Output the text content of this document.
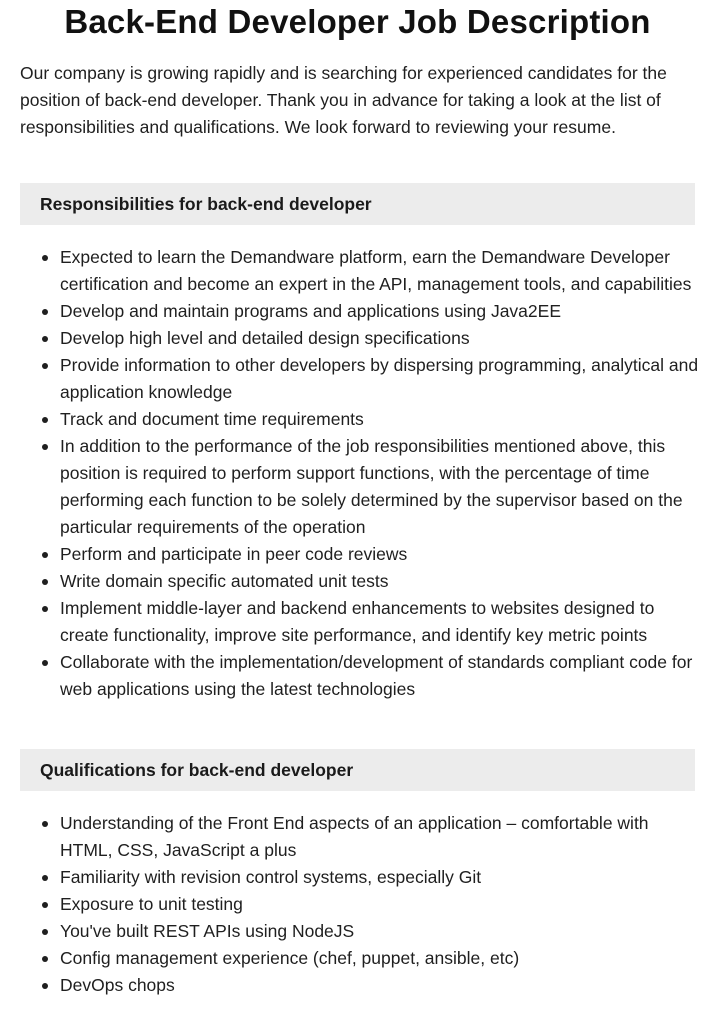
Back-End Developer Job Description

Our company is growing rapidly and is searching for experienced candidates for the position of back-end developer. Thank you in advance for taking a look at the list of responsibilities and qualifications. We look forward to reviewing your resume.

Responsibilities for back-end developer
Expected to learn the Demandware platform, earn the Demandware Developer certification and become an expert in the API, management tools, and capabilities
Develop and maintain programs and applications using Java2EE
Develop high level and detailed design specifications
Provide information to other developers by dispersing programming, analytical and application knowledge
Track and document time requirements
In addition to the performance of the job responsibilities mentioned above, this position is required to perform support functions, with the percentage of time performing each function to be solely determined by the supervisor based on the particular requirements of the operation
Perform and participate in peer code reviews
Write domain specific automated unit tests
Implement middle-layer and backend enhancements to websites designed to create functionality, improve site performance, and identify key metric points
Collaborate with the implementation/development of standards compliant code for web applications using the latest technologies
Qualifications for back-end developer
Understanding of the Front End aspects of an application – comfortable with HTML, CSS, JavaScript a plus
Familiarity with revision control systems, especially Git
Exposure to unit testing
You've built REST APIs using NodeJS
Config management experience (chef, puppet, ansible, etc)
DevOps chops
